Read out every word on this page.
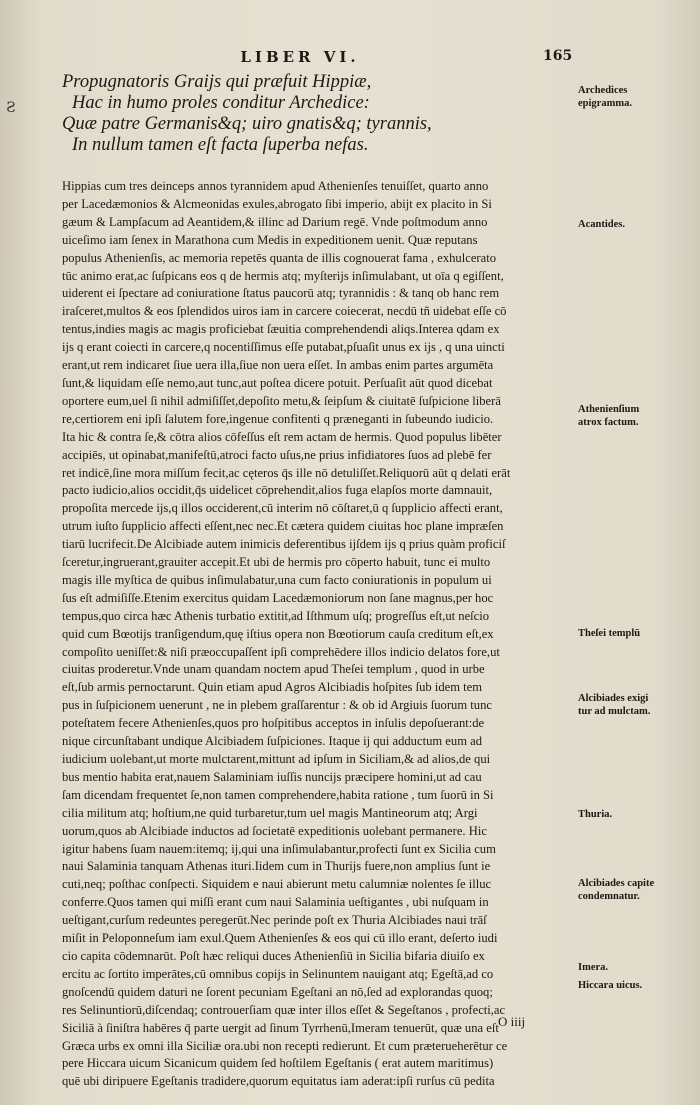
LIBER VI.	165
Ƨ
Propugnatoris Graijs qui præfuit Hippiæ,
Hac in humo proles conditur Archedice:
Quæ patre Germanis&q; uiro gnatis&q; tyrannis,
In nullum tamen eſt facta ſuperba nefas.
Archedices
epigramma.
Acantides.
Athenienſium
atrox factum.
Theſei templū
Alcibiades exigi
tur ad mulctam.
Thuria.
Alcibiades capite
condemnatur.
Imera.
Hiccara uicus.
Hippias cum tres deinceps annos tyrannidem apud Athenienſes tenuiſſet, quarto anno
per Lacedæmonios & Alcmeonidas exules,abrogato ſibi imperio, abijt ex placito in Si
gæum & Lampſacum ad Aeantidem,& illinc ad Darium regē. Vnde poſtmodum anno
uiceſimo iam ſenex in Marathona cum Medis in expeditionem uenit. Quæ reputans
populus Athenienſis, ac memoria repetēs quanta de illis cognouerat fama , exhulcerato
tūc animo erat,ac ſuſpicans eos q de hermis atq; myſterijs inſimulabant, ut oīa q egiſſent,
uiderent ei ſpectare ad coniuratione ſtatus paucorū atq; tyrannidis : & tanq ob hanc rem
iraſceret,multos & eos ſplendidos uiros iam in carcere coiecerat, necdū tñ uidebat eſſe cō
tentus,indies magis ac magis proficiebat ſæuitia comprehendendi aliqs.Interea qdam ex
ijs q erant coiecti in carcere,q nocentiſſimus eſſe putabat,pſuaſit unus ex ijs , q una uincti
erant,ut rem indicaret ſiue uera illa,ſiue non uera eſſet. In ambas enim partes argumēta
ſunt,& liquidam eſſe nemo,aut tunc,aut poſtea dicere potuit. Perſuaſit aūt quod dicebat
oportere eum,uel ſi nihil admiſiſſet,depoſito metu,& ſeipſum & ciuitatē ſuſpicione liberā
re,certiorem eni ipſi ſalutem fore,ingenue confitenti q præneganti in ſubeundo iudicio.
Ita hic & contra ſe,& cōtra alios cōfeſſus eſt rem actam de hermis. Quod populus libēter
accipiēs, ut opinabat,manifeſtū,atroci facto uſus,ne prius infidiatores ſuos ad plebē fer
ret indicē,ſine mora miſſum fecit,ac cęteros q̄s ille nō detuliſſet.Reliquorū aūt q delati erāt
pacto iudicio,alios occidit,q̄s uidelicet cōprehendit,alios fuga elapſos morte damnauit,
propoſita mercede ijs,q illos occiderent,cū interim nō cōſtaret,ū q ſupplicio affecti erant,
utrum iuſto ſupplicio affecti eſſent,nec nec.Et cætera quidem ciuitas hoc plane impræſen
tiarū lucrifecit.De Alcibiade autem inimicis deferentibus ijſdem ijs q prius quàm proficiſ
ſceretur,ingruerant,grauiter accepit.Et ubi de hermis pro cōperto habuit, tunc ei multo
magis ille myſtica de quibus inſimulabatur,una cum facto coniurationis in populum ui
ſus eſt admiſiſſe.Etenim exercitus quidam Lacedæmoniorum non ſane magnus,per hoc
tempus,quo circa hæc Athenis turbatio extitit,ad Iſthmum uſq; progreſſus eſt,ut neſcio
quid cum Bœotijs tranſigendum,quę iſtius opera non Bœotiorum cauſa creditum eſt,ex
compoſito ueniſſet:& niſi præoccupaſſent ipſi comprehēdere illos indicio delatos fore,ut
ciuitas proderetur.Vnde unam quandam noctem apud Theſei templum , quod in urbe
eſt,ſub armis pernoctarunt. Quin etiam apud Agros Alcibiadis hoſpites ſub idem tem
pus in ſuſpicionem uenerunt , ne in plebem graſſarentur : & ob id Argiuis ſuorum tunc
poteſtatem fecere Athenienſes,quos pro hoſpitibus acceptos in inſulis depoſuerant:de
nique circunſtabant undique Alcibiadem ſuſpiciones. Itaque ij qui adductum eum ad
iudicium uolebant,ut morte mulctarent,mittunt ad ipſum in Siciliam,& ad alios,de qui
bus mentio habita erat,nauem Salaminiam iuſſis nuncijs præcipere homini,ut ad cau
ſam dicendam frequentet ſe,non tamen comprehendere,habita ratione , tum ſuorū in Si
cilia militum atq; hoſtium,ne quid turbaretur,tum uel magis Mantineorum atq; Argi
uorum,quos ab Alcibiade inductos ad ſocietatē expeditionis uolebant permanere. Hic
igitur habens ſuam nauem:itemq; ij,qui una inſimulabantur,profecti ſunt ex Sicilia cum
naui Salaminia tanquam Athenas ituri.Iidem cum in Thurijs fuere,non amplius ſunt ie
cuti,neq; poſthac conſpecti. Siquidem e naui abierunt metu calumniæ nolentes ſe illuc
conferre.Quos tamen qui miſſi erant cum naui Salaminia ueſtigantes , ubi nuſquam in
ueſtigant,curſum redeuntes peregerūt.Nec perinde poſt ex Thuria Alcibiades naui trāſ
miſit in Peloponneſum iam exul.Quem Athenienſes & eos qui cū illo erant, deſerto iudi
cio capita cōdemnarūt. Poſt hæc reliqui duces Athenienſiū in Sicilia bifaria diuiſo ex
ercitu ac ſortito imperātes,cū omnibus copijs in Selinuntem nauigant atq; Egeſtā,ad co
gnoſcendū quidem daturi ne ſorent pecuniam Egeſtani an nō,ſed ad explorandas quoq;
res Selinuntiorū,diſcendaq; controuerſiam quæ inter illos eſſet & Segeſtanos , profecti,ac
Siciliā à ſiniſtra habēres q̄ parte uergit ad ſinum Tyrrhenū,Imeram tenuerūt, quæ una eſt
Græca urbs ex omni illa Siciliæ ora.ubi non recepti redierunt. Et cum præterueherētur ce
pere Hiccara uicum Sicanicum quidem ſed hoſtilem Egeſtanis ( erat autem maritimus)
quē ubi diripuere Egeſtanis tradidere,quorum equitatus iam aderat:ipſi rurſus cū pedita
O iiij
